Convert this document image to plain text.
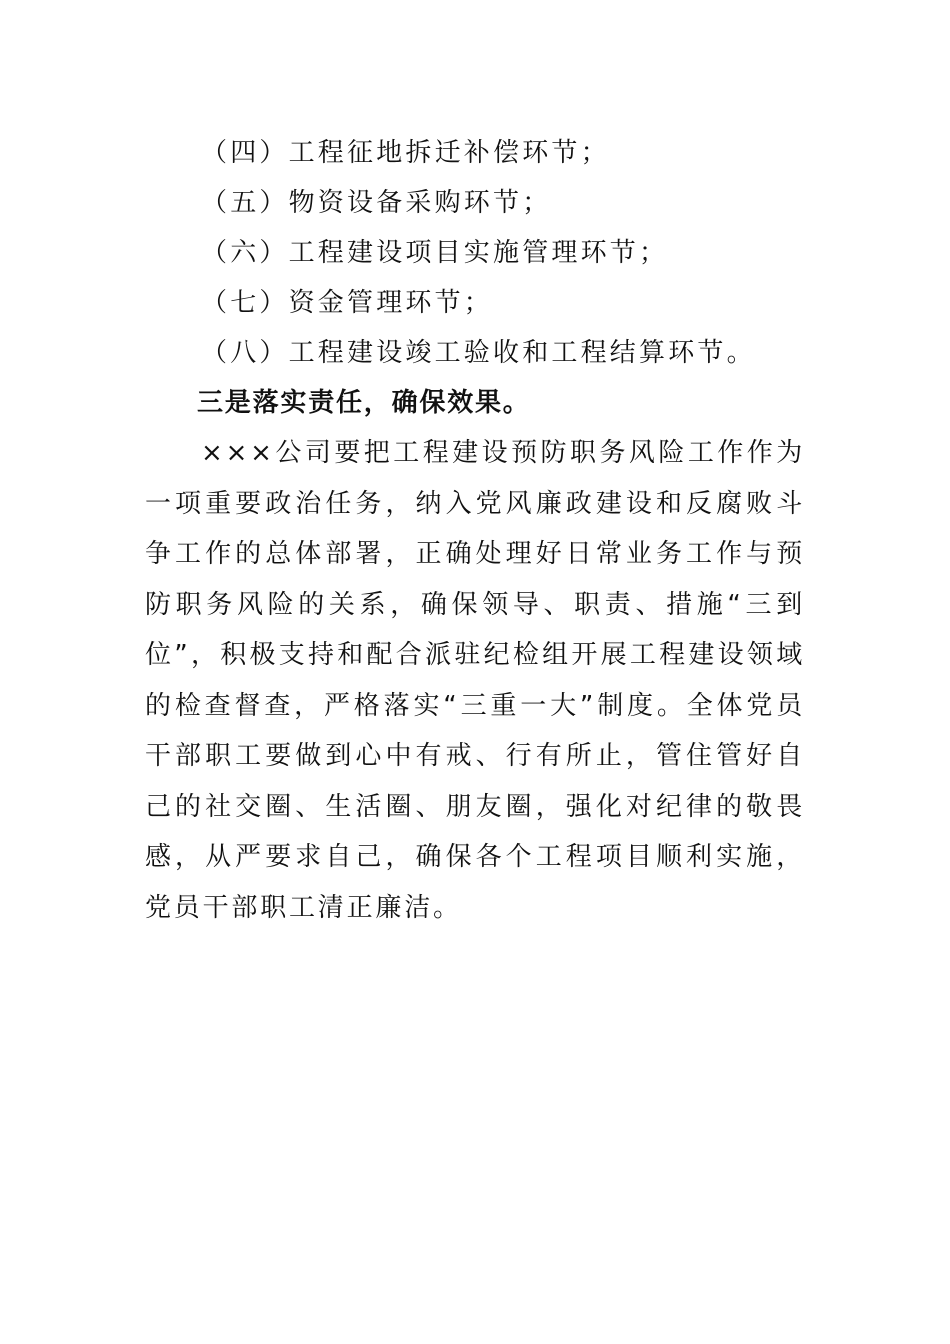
（四）工程征地拆迁补偿环节；

（五）物资设备采购环节；

（六）工程建设项目实施管理环节；

（七）资金管理环节；

（八）工程建设竣工验收和工程结算环节。

三是落实责任，确保效果。

×××公司要把工程建设预防职务风险工作作为一项重要政治任务，纳入党风廉政建设和反腐败斗争工作的总体部署，正确处理好日常业务工作与预防职务风险的关系，确保领导、职责、措施“三到位”，积极支持和配合派驻纪检组开展工程建设领域的检查督查，严格落实“三重一大”制度。全体党员干部职工要做到心中有戒、行有所止，管住管好自己的社交圈、生活圈、朋友圈，强化对纪律的敬畏感，从严要求自己，确保各个工程项目顺利实施，党员干部职工清正廉洁。
